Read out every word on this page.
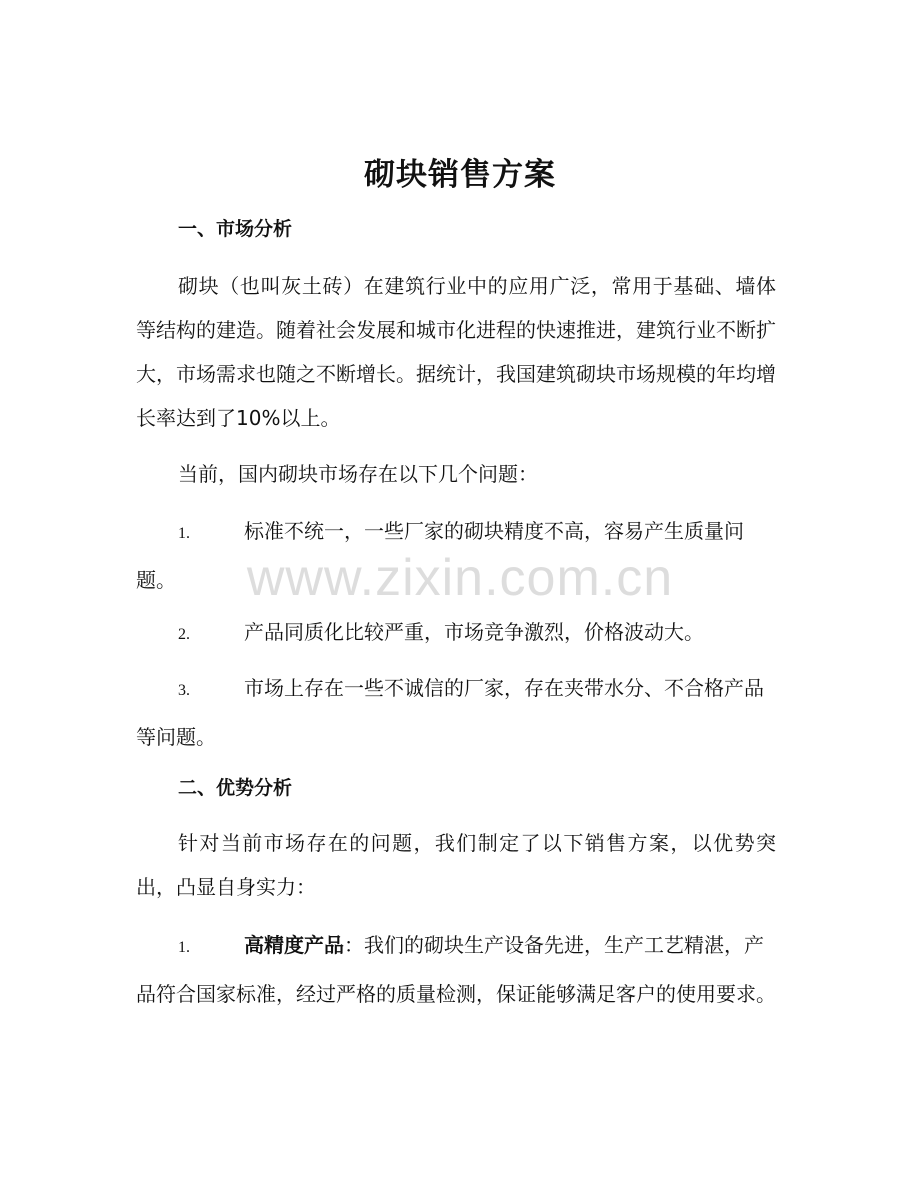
砌块销售方案
一、市场分析

砌块（也叫灰土砖）在建筑行业中的应用广泛，常用于基础、墙体等结构的建造。随着社会发展和城市化进程的快速推进，建筑行业不断扩大，市场需求也随之不断增长。据统计，我国建筑砌块市场规模的年均增长率达到了10%以上。

当前，国内砌块市场存在以下几个问题：

1.	标准不统一，一些厂家的砌块精度不高，容易产生质量问题。

2.	产品同质化比较严重，市场竞争激烈，价格波动大。

3.	市场上存在一些不诚信的厂家，存在夹带水分、不合格产品等问题。

二、优势分析

针对当前市场存在的问题，我们制定了以下销售方案，以优势突出，凸显自身实力：

1.	高精度产品：我们的砌块生产设备先进，生产工艺精湛，产品符合国家标准，经过严格的质量检测，保证能够满足客户的使用要求。

www.zixin.com.cn
